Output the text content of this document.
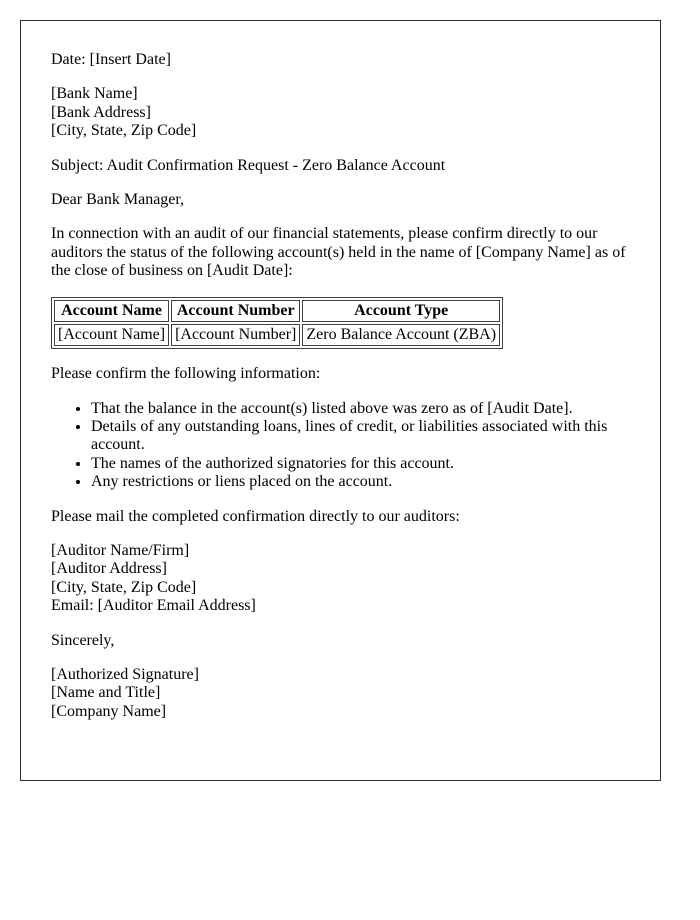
Date: [Insert Date]

[Bank Name]
[Bank Address]
[City, State, Zip Code]

Subject: Audit Confirmation Request - Zero Balance Account

Dear Bank Manager,

In connection with an audit of our financial statements, please confirm directly to our auditors the status of the following account(s) held in the name of [Company Name] as of the close of business on [Audit Date]:

Account Name	Account Number	Account Type
[Account Name]	[Account Number]	Zero Balance Account (ZBA)

Please confirm the following information:

• That the balance in the account(s) listed above was zero as of [Audit Date].
• Details of any outstanding loans, lines of credit, or liabilities associated with this account.
• The names of the authorized signatories for this account.
• Any restrictions or liens placed on the account.

Please mail the completed confirmation directly to our auditors:

[Auditor Name/Firm]
[Auditor Address]
[City, State, Zip Code]
Email: [Auditor Email Address]

Sincerely,

[Authorized Signature]
[Name and Title]
[Company Name]
